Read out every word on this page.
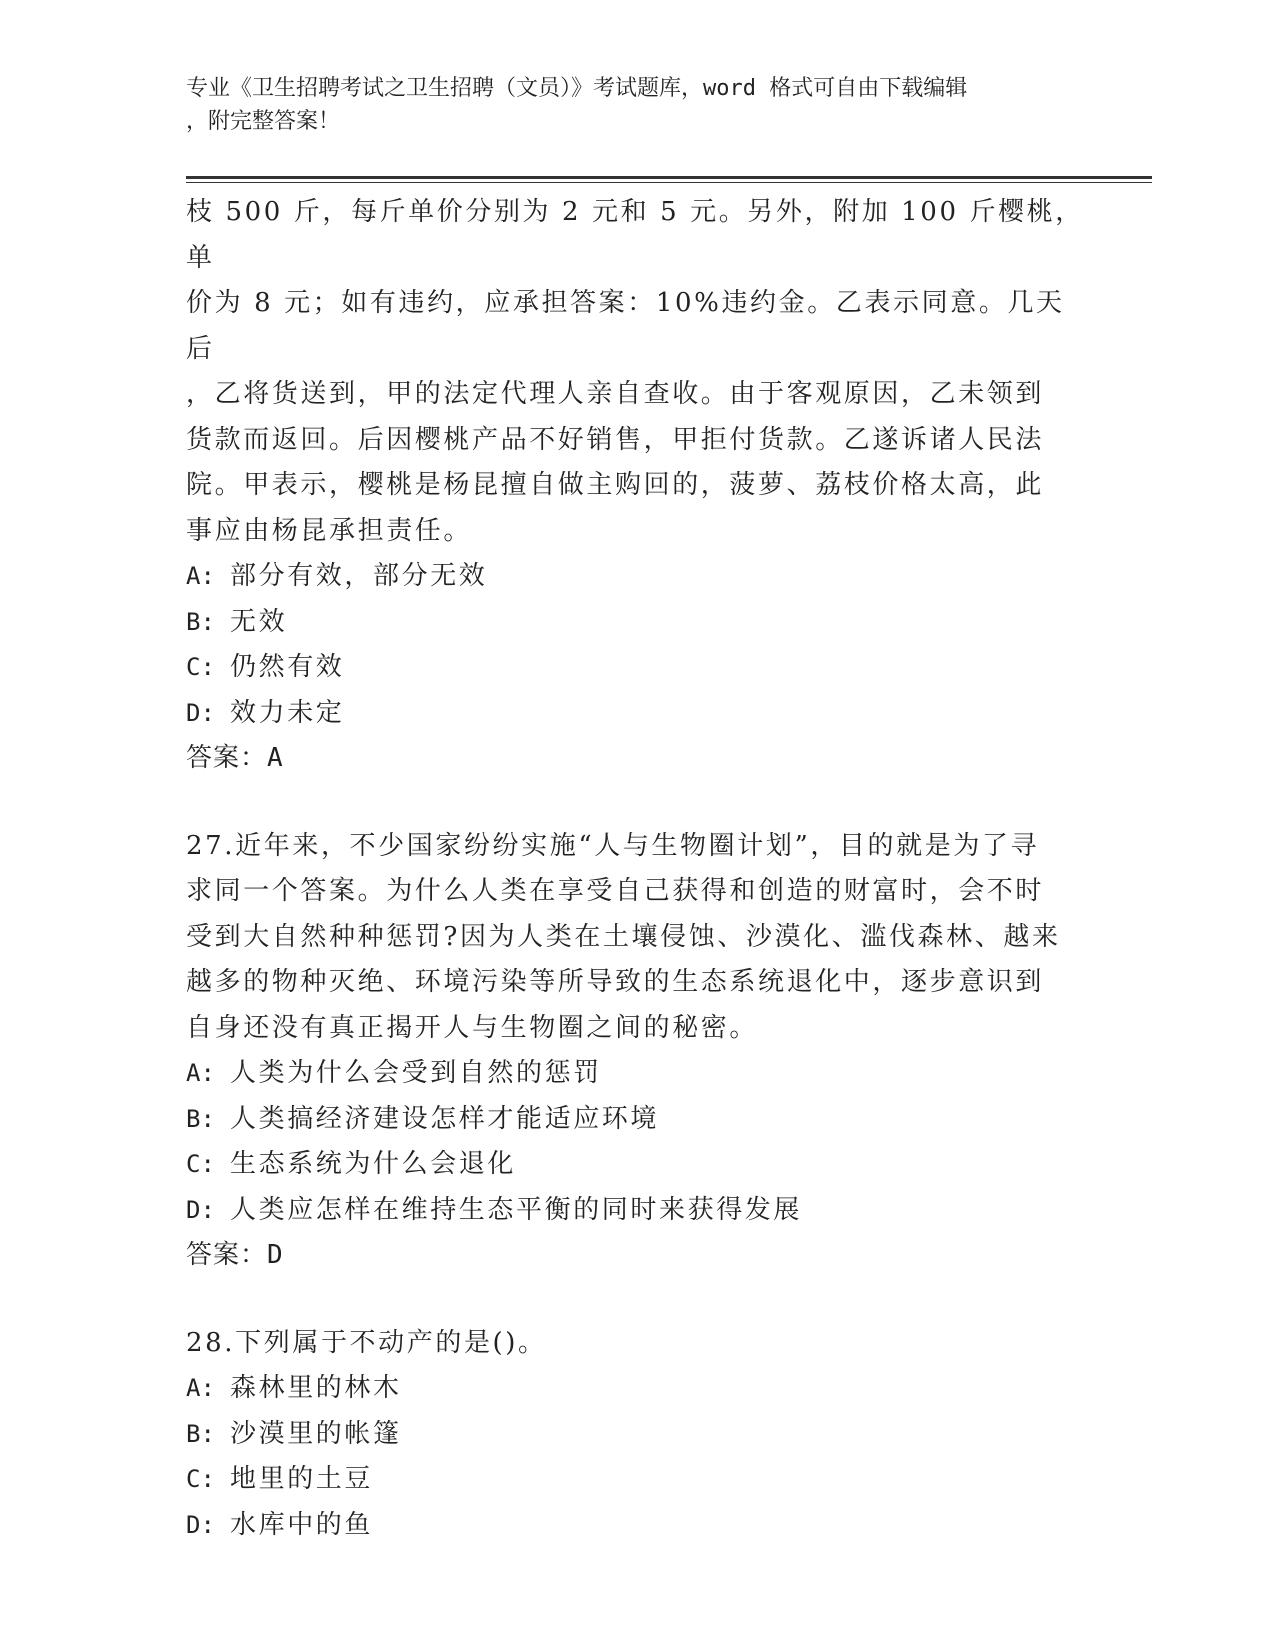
专业《卫生招聘考试之卫生招聘（文员）》考试题库，word 格式可自由下载编辑
，附完整答案！

枝 500 斤，每斤单价分别为 2 元和 5 元。另外，附加 100 斤樱桃，单

价为 8 元；如有违约，应承担答案：10%违约金。乙表示同意。几天后

，乙将货送到，甲的法定代理人亲自查收。由于客观原因，乙未领到

货款而返回。后因樱桃产品不好销售，甲拒付货款。乙遂诉诸人民法

院。甲表示，樱桃是杨昆擅自做主购回的，菠萝、荔枝价格太高，此

事应由杨昆承担责任。

A: 部分有效，部分无效

B: 无效

C: 仍然有效

D: 效力未定

答案：A

27.近年来，不少国家纷纷实施“人与生物圈计划”，目的就是为了寻

求同一个答案。为什么人类在享受自己获得和创造的财富时，会不时

受到大自然种种惩罚?因为人类在土壤侵蚀、沙漠化、滥伐森林、越来

越多的物种灭绝、环境污染等所导致的生态系统退化中，逐步意识到

自身还没有真正揭开人与生物圈之间的秘密。

A: 人类为什么会受到自然的惩罚

B: 人类搞经济建设怎样才能适应环境

C: 生态系统为什么会退化

D: 人类应怎样在维持生态平衡的同时来获得发展

答案：D

28.下列属于不动产的是()。

A: 森林里的林木

B: 沙漠里的帐篷

C: 地里的土豆

D: 水库中的鱼
